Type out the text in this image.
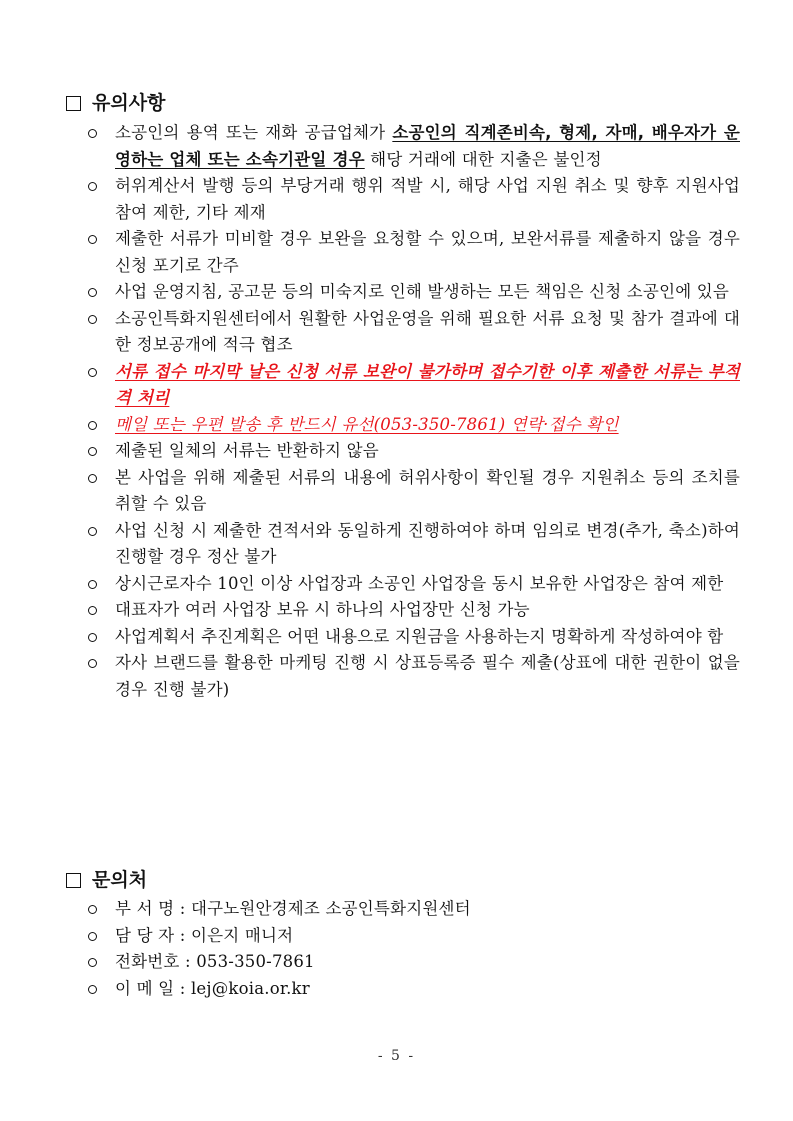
유의사항
소공인의 용역 또는 재화 공급업체가 소공인의 직계존비속, 형제, 자매, 배우자가 운영하는 업체 또는 소속기관일 경우 해당 거래에 대한 지출은 불인정
허위계산서 발행 등의 부당거래 행위 적발 시, 해당 사업 지원 취소 및 향후 지원사업 참여 제한, 기타 제재
제출한 서류가 미비할 경우 보완을 요청할 수 있으며, 보완서류를 제출하지 않을 경우 신청 포기로 간주
사업 운영지침, 공고문 등의 미숙지로 인해 발생하는 모든 책임은 신청 소공인에 있음
소공인특화지원센터에서 원활한 사업운영을 위해 필요한 서류 요청 및 참가 결과에 대한 정보공개에 적극 협조
서류 접수 마지막 날은 신청 서류 보완이 불가하며 접수기한 이후 제출한 서류는 부적격 처리
메일 또는 우편 발송 후 반드시 유선(053-350-7861) 연락·접수 확인
제출된 일체의 서류는 반환하지 않음
본 사업을 위해 제출된 서류의 내용에 허위사항이 확인될 경우 지원취소 등의 조치를 취할 수 있음
사업 신청 시 제출한 견적서와 동일하게 진행하여야 하며 임의로 변경(추가, 축소)하여 진행할 경우 정산 불가
상시근로자수 10인 이상 사업장과 소공인 사업장을 동시 보유한 사업장은 참여 제한
대표자가 여러 사업장 보유 시 하나의 사업장만 신청 가능
사업계획서 추진계획은 어떤 내용으로 지원금을 사용하는지 명확하게 작성하여야 함
자사 브랜드를 활용한 마케팅 진행 시 상표등록증 필수 제출(상표에 대한 권한이 없을 경우 진행 불가)
문의처
부 서 명 : 대구노원안경제조 소공인특화지원센터
담 당 자 : 이은지 매니저
전화번호 : 053-350-7861
이 메 일 : lej@koia.or.kr
- 5 -
